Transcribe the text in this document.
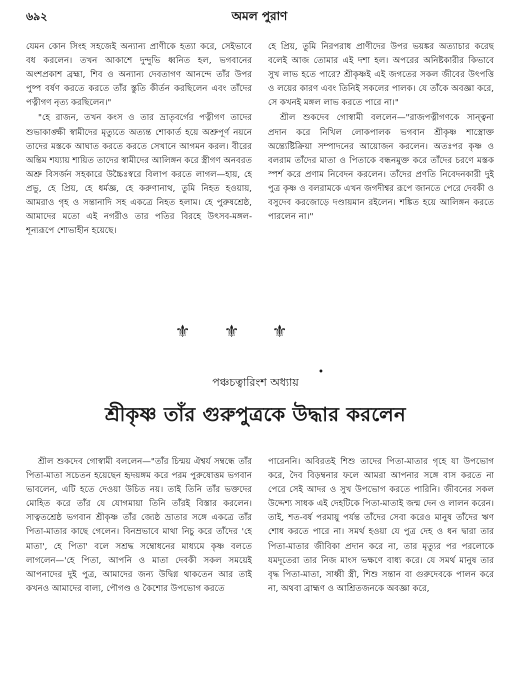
৬৯২	অমল পুরাণ

যেমন কোন সিংহ সহজেই অন্যান্য প্রাণীকে হত্যা করে, সেইভাবে বধ করলেন। তখন আকাশে দুন্দুভি ধ্বনিত হল, ভগবানের অংশপ্রকাশ ব্রহ্মা, শিব ও অন্যান্য দেবতাগণ আনন্দে তাঁর উপর পুষ্প বর্ষণ করতে করতে তাঁর স্তুতি কীর্তন করছিলেন এবং তাঁদের পত্নীগণ নৃত্য করছিলেন।"

"হে রাজন, তখন কংস ও তার ভ্রাতৃবর্গের পত্নীগণ তাদের শুভাকাঙ্ক্ষী স্বামীদের মৃত্যুতে অত্যন্ত শোকার্ত হয়ে অশ্রুপূর্ণ নয়নে তাদের মস্তকে আঘাত করতে করতে সেখানে আগমন করল। বীরের অন্তিম শয্যায় শায়িত তাদের স্বামীদের আলিঙ্গন করে স্ত্রীগণ অনবরত অশ্রু বিসর্জন সহকারে উচ্চৈঃস্বরে বিলাপ করতে লাগল—হায়, হে প্রভু, হে প্রিয়, হে ধর্মজ্ঞ, হে করুণানাথ, তুমি নিহত হওয়ায়, আমরাও গৃহ ও সন্তানাদি সহ একত্রে নিহত হলাম। হে পুরুষশ্রেষ্ঠ, আমাদের মতো এই নগরীও তার পতির বিরহে উৎসব-মঙ্গল-শূন্যরূপে শোভাহীন হয়েছে।

হে প্রিয়, তুমি নিরপরাধ প্রাণীদের উপর ভয়ঙ্কর অত্যাচার করেছ বলেই আজ তোমার এই দশা হল। অপরের অনিষ্টকারীর কিভাবে সুখ লাভ হতে পারে? শ্রীকৃষ্ণই এই জগতের সকল জীবের উৎপত্তি ও লয়ের কারণ এবং তিনিই সকলের পালক। যে তাঁকে অবজ্ঞা করে, সে কখনই মঙ্গল লাভ করতে পারে না।"

শ্রীল শুকদেব গোস্বামী বললেন—"রাজপত্নীগণকে সান্ত্বনা প্রদান করে নিখিল লোকপালক ভগবান শ্রীকৃষ্ণ শাস্ত্রোক্ত অন্ত্যেষ্টিক্রিয়া সম্পাদনের আয়োজন করলেন। অতঃপর কৃষ্ণ ও বলরাম তাঁদের মাতা ও পিতাকে বন্ধনমুক্ত করে তাঁদের চরণে মস্তক স্পর্শ করে প্রণাম নিবেদন করলেন। তাঁদের প্রণতি নিবেদনকারী দুই পুত্র কৃষ্ণ ও বলরামকে এখন জগদীশ্বর রূপে জানতে পেরে দেবকী ও বসুদেব করজোড়ে দণ্ডায়মান রইলেন। শঙ্কিত হয়ে আলিঙ্গন করতে পারলেন না।"

⚜ ⚜ ⚜
•
পঞ্চচত্বারিংশ অধ্যায়
শ্রীকৃষ্ণ তাঁর গুরুপুত্রকে উদ্ধার করলেন

শ্রীল শুকদেব গোস্বামী বললেন—"তাঁর চিন্ময় ঐশ্বর্য সম্বন্ধে তাঁর পিতা-মাতা সচেতন হয়েছেন হৃদয়ঙ্গম করে পরম পুরুষোত্তম ভগবান ভাবলেন, এটি হতে দেওয়া উচিত নয়। তাই তিনি তাঁর ভক্তদের মোহিত করে তাঁর যে যোগমায়া তিনি তাঁরই বিস্তার করলেন। সাত্বতশ্রেষ্ঠ ভগবান শ্রীকৃষ্ণ তাঁর জ্যেষ্ঠ ভ্রাতার সঙ্গে একত্রে তাঁর পিতা-মাতার কাছে গেলেন। বিনম্রভাবে মাথা নিচু করে তাঁদের 'হে মাতা', হে পিতা' বলে সশ্রদ্ধ সম্বোধনের মাধ্যমে কৃষ্ণ বলতে লাগলেন—'হে পিতা, আপনি ও মাতা দেবকী সকল সময়েই আপনাদের দুই পুত্র, আমাদের জন্য উদ্বিগ্ন থাকতেন আর তাই কখনও আমাদের বাল্য, পৌগণ্ড ও কৈশোর উপভোগ করতে

পারেননি। অবিরতই শিশু তাদের পিতা-মাতার গৃহে যা উপভোগ করে, দৈব বিড়ম্বনার ফলে আমরা আপনার সঙ্গে বাস করতে না পেরে সেই আদর ও সুখ উপভোগ করতে পারিনি। জীবনের সকল উদ্দেশ্য সাধক এই দেহটিকে পিতা-মাতাই জন্ম দেন ও লালন করেন। তাই, শত-বর্ষ পরমায়ু পর্যন্ত তাঁদের সেবা করেও মানুষ তাঁদের ঋণ শোধ করতে পারে না। সমর্থ হওয়া যে পুত্র দেহ ও ধন দ্বারা তার পিতা-মাতার জীবিকা প্রদান করে না, তার মৃত্যুর পর পরলোকে যমদূতেরা তার নিজ মাংস ভক্ষণে বাধ্য করে। যে সমর্থ মানুষ তার বৃদ্ধ পিতা-মাতা, সাধ্বী স্ত্রী, শিশু সন্তান বা গুরুদেবকে পালন করে না, অথবা ব্রাহ্মণ ও আশ্রিতজনকে অবজ্ঞা করে,
